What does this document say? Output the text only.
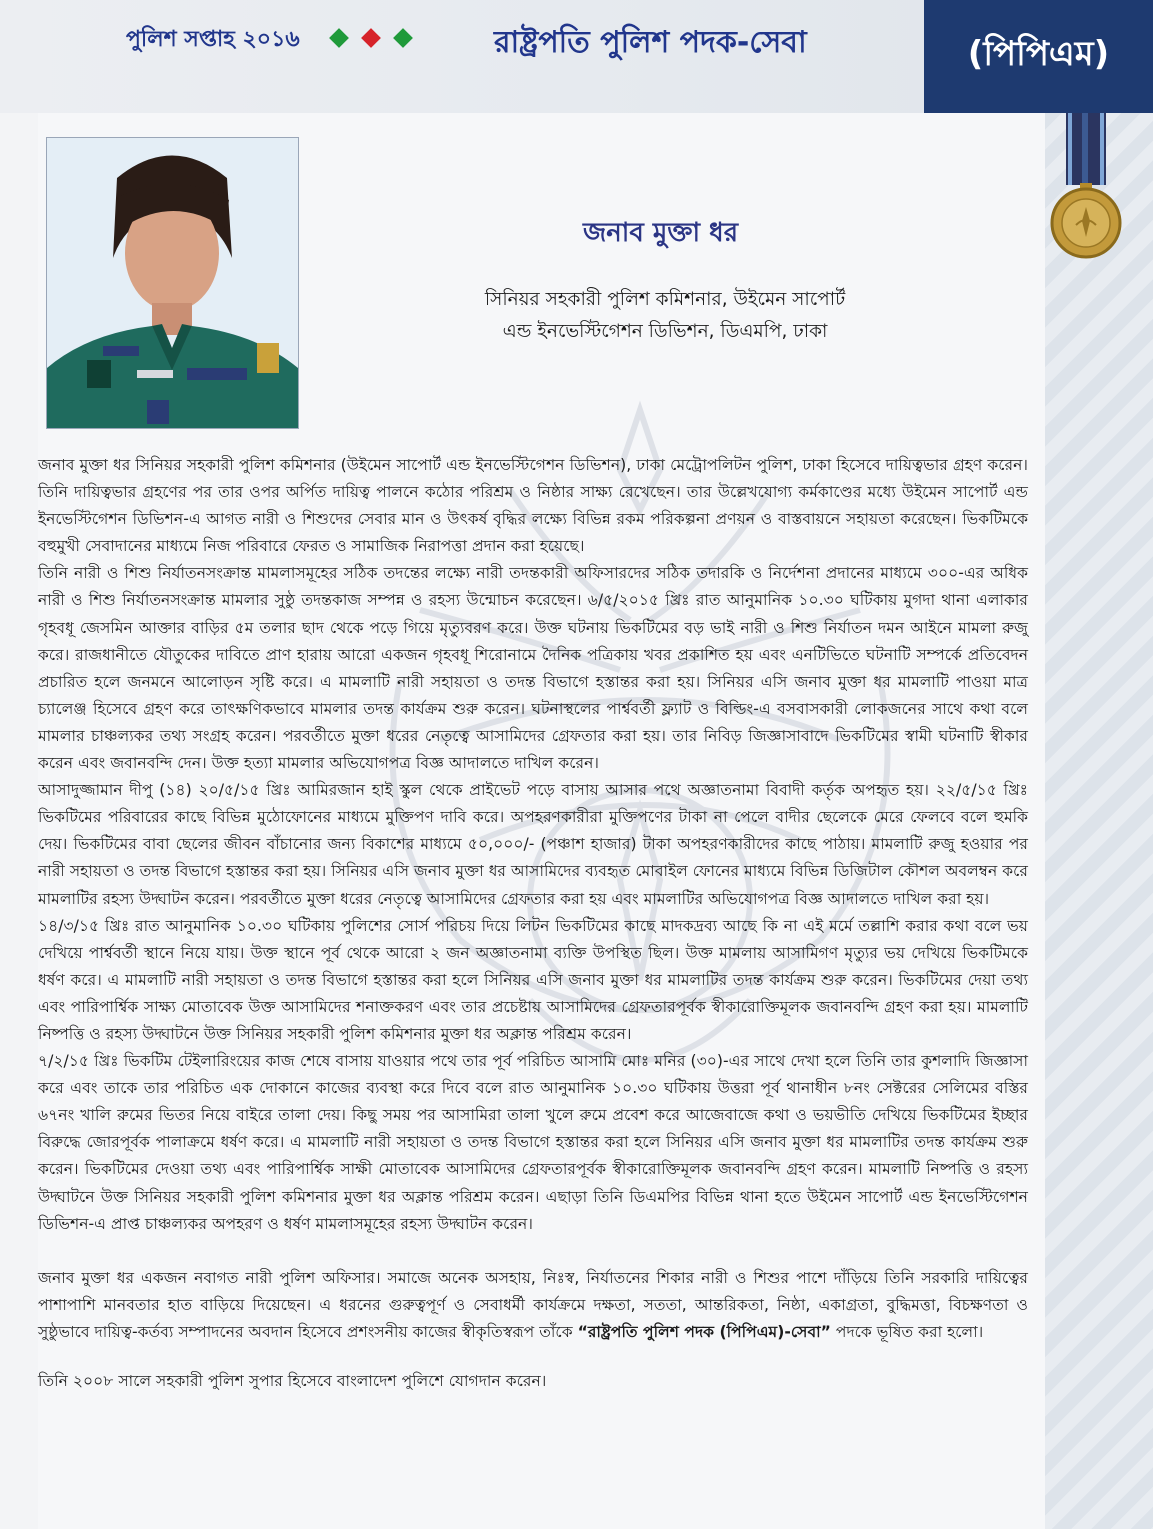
পুলিশ সপ্তাহ ২০১৬	রাষ্ট্রপতি পুলিশ পদক-সেবা	(পিপিএম)
জনাব মুক্তা ধর
সিনিয়র সহকারী পুলিশ কমিশনার, উইমেন সাপোর্ট
এন্ড ইনভেস্টিগেশন ডিভিশন, ডিএমপি, ঢাকা

জনাব মুক্তা ধর সিনিয়র সহকারী পুলিশ কমিশনার (উইমেন সাপোর্ট এন্ড ইনভেস্টিগেশন ডিভিশন), ঢাকা মেট্রোপলিটন পুলিশ, ঢাকা হিসেবে দায়িত্বভার গ্রহণ করেন। তিনি দায়িত্বভার গ্রহণের পর তার ওপর অর্পিত দায়িত্ব পালনে কঠোর পরিশ্রম ও নিষ্ঠার সাক্ষ্য রেখেছেন। তার উল্লেখযোগ্য কর্মকাণ্ডের মধ্যে উইমেন সাপোর্ট এন্ড ইনভেস্টিগেশন ডিভিশন-এ আগত নারী ও শিশুদের সেবার মান ও উৎকর্ষ বৃদ্ধির লক্ষ্যে বিভিন্ন রকম পরিকল্পনা প্রণয়ন ও বাস্তবায়নে সহায়তা করেছেন। ভিকটিমকে বহুমুখী সেবাদানের মাধ্যমে নিজ পরিবারে ফেরত ও সামাজিক নিরাপত্তা প্রদান করা হয়েছে।

তিনি নারী ও শিশু নির্যাতনসংক্রান্ত মামলাসমূহের সঠিক তদন্তের লক্ষ্যে নারী তদন্তকারী অফিসারদের সঠিক তদারকি ও নির্দেশনা প্রদানের মাধ্যমে ৩০০-এর অধিক নারী ও শিশু নির্যাতনসংক্রান্ত মামলার সুষ্ঠু তদন্তকাজ সম্পন্ন ও রহস্য উন্মোচন করেছেন। ৬/৫/২০১৫ খ্রিঃ রাত আনুমানিক ১০.৩০ ঘটিকায় মুগদা থানা এলাকার গৃহবধূ জেসমিন আক্তার বাড়ির ৫ম তলার ছাদ থেকে পড়ে গিয়ে মৃত্যুবরণ করে। উক্ত ঘটনায় ভিকটিমের বড় ভাই নারী ও শিশু নির্যাতন দমন আইনে মামলা রুজু করে। রাজধানীতে যৌতুকের দাবিতে প্রাণ হারায় আরো একজন গৃহবধূ শিরোনামে দৈনিক পত্রিকায় খবর প্রকাশিত হয় এবং এনটিভিতে ঘটনাটি সম্পর্কে প্রতিবেদন প্রচারিত হলে জনমনে আলোড়ন সৃষ্টি করে। এ মামলাটি নারী সহায়তা ও তদন্ত বিভাগে হস্তান্তর করা হয়। সিনিয়র এসি জনাব মুক্তা ধর মামলাটি পাওয়া মাত্র চ্যালেঞ্জ হিসেবে গ্রহণ করে তাৎক্ষণিকভাবে মামলার তদন্ত কার্যক্রম শুরু করেন। ঘটনাস্থলের পার্শ্ববর্তী ফ্ল্যাট ও বিল্ডিং-এ বসবাসকারী লোকজনের সাথে কথা বলে মামলার চাঞ্চল্যকর তথ্য সংগ্রহ করেন। পরবর্তীতে মুক্তা ধরের নেতৃত্বে আসামিদের গ্রেফতার করা হয়। তার নিবিড় জিজ্ঞাসাবাদে ভিকটিমের স্বামী ঘটনাটি স্বীকার করেন এবং জবানবন্দি দেন। উক্ত হত্যা মামলার অভিযোগপত্র বিজ্ঞ আদালতে দাখিল করেন।

আসাদুজ্জামান দীপু (১৪) ২০/৫/১৫ খ্রিঃ আমিরজান হাই স্কুল থেকে প্রাইভেট পড়ে বাসায় আসার পথে অজ্ঞাতনামা বিবাদী কর্তৃক অপহৃত হয়। ২২/৫/১৫ খ্রিঃ ভিকটিমের পরিবারের কাছে বিভিন্ন মুঠোফোনের মাধ্যমে মুক্তিপণ দাবি করে। অপহরণকারীরা মুক্তিপণের টাকা না পেলে বাদীর ছেলেকে মেরে ফেলবে বলে হুমকি দেয়। ভিকটিমের বাবা ছেলের জীবন বাঁচানোর জন্য বিকাশের মাধ্যমে ৫০,০০০/- (পঞ্চাশ হাজার) টাকা অপহরণকারীদের কাছে পাঠায়। মামলাটি রুজু হওয়ার পর নারী সহায়তা ও তদন্ত বিভাগে হস্তান্তর করা হয়। সিনিয়র এসি জনাব মুক্তা ধর আসামিদের ব্যবহৃত মোবাইল ফোনের মাধ্যমে বিভিন্ন ডিজিটাল কৌশল অবলম্বন করে মামলাটির রহস্য উদ্ঘাটন করেন। পরবর্তীতে মুক্তা ধরের নেতৃত্বে আসামিদের গ্রেফতার করা হয় এবং মামলাটির অভিযোগপত্র বিজ্ঞ আদালতে দাখিল করা হয়।

১৪/৩/১৫ খ্রিঃ রাত আনুমানিক ১০.৩০ ঘটিকায় পুলিশের সোর্স পরিচয় দিয়ে লিটন ভিকটিমের কাছে মাদকদ্রব্য আছে কি না এই মর্মে তল্লাশি করার কথা বলে ভয় দেখিয়ে পার্শ্ববর্তী স্থানে নিয়ে যায়। উক্ত স্থানে পূর্ব থেকে আরো ২ জন অজ্ঞাতনামা ব্যক্তি উপস্থিত ছিল। উক্ত মামলায় আসামিগণ মৃত্যুর ভয় দেখিয়ে ভিকটিমকে ধর্ষণ করে। এ মামলাটি নারী সহায়তা ও তদন্ত বিভাগে হস্তান্তর করা হলে সিনিয়র এসি জনাব মুক্তা ধর মামলাটির তদন্ত কার্যক্রম শুরু করেন। ভিকটিমের দেয়া তথ্য এবং পারিপার্শ্বিক সাক্ষ্য মোতাবেক উক্ত আসামিদের শনাক্তকরণ এবং তার প্রচেষ্টায় আসামিদের গ্রেফতারপূর্বক স্বীকারোক্তিমূলক জবানবন্দি গ্রহণ করা হয়। মামলাটি নিষ্পত্তি ও রহস্য উদ্ঘাটনে উক্ত সিনিয়র সহকারী পুলিশ কমিশনার মুক্তা ধর অক্লান্ত পরিশ্রম করেন।

৭/২/১৫ খ্রিঃ ভিকটিম টেইলারিংয়ের কাজ শেষে বাসায় যাওয়ার পথে তার পূর্ব পরিচিত আসামি মোঃ মনির (৩০)-এর সাথে দেখা হলে তিনি তার কুশলাদি জিজ্ঞাসা করে এবং তাকে তার পরিচিত এক দোকানে কাজের ব্যবস্থা করে দিবে বলে রাত আনুমানিক ১০.৩০ ঘটিকায় উত্তরা পূর্ব থানাধীন ৮নং সেক্টরের সেলিমের বস্তির ৬৭নং খালি রুমের ভিতর নিয়ে বাইরে তালা দেয়। কিছু সময় পর আসামিরা তালা খুলে রুমে প্রবেশ করে আজেবাজে কথা ও ভয়ভীতি দেখিয়ে ভিকটিমের ইচ্ছার বিরুদ্ধে জোরপূর্বক পালাক্রমে ধর্ষণ করে। এ মামলাটি নারী সহায়তা ও তদন্ত বিভাগে হস্তান্তর করা হলে সিনিয়র এসি জনাব মুক্তা ধর মামলাটির তদন্ত কার্যক্রম শুরু করেন। ভিকটিমের দেওয়া তথ্য এবং পারিপার্শ্বিক সাক্ষী মোতাবেক আসামিদের গ্রেফতারপূর্বক স্বীকারোক্তিমূলক জবানবন্দি গ্রহণ করেন। মামলাটি নিষ্পত্তি ও রহস্য উদ্ঘাটনে উক্ত সিনিয়র সহকারী পুলিশ কমিশনার মুক্তা ধর অক্লান্ত পরিশ্রম করেন। এছাড়া তিনি ডিএমপির বিভিন্ন থানা হতে উইমেন সাপোর্ট এন্ড ইনভেস্টিগেশন ডিভিশন-এ প্রাপ্ত চাঞ্চল্যকর অপহরণ ও ধর্ষণ মামলাসমূহের রহস্য উদ্ঘাটন করেন।

জনাব মুক্তা ধর একজন নবাগত নারী পুলিশ অফিসার। সমাজে অনেক অসহায়, নিঃস্ব, নির্যাতনের শিকার নারী ও শিশুর পাশে দাঁড়িয়ে তিনি সরকারি দায়িত্বের পাশাপাশি মানবতার হাত বাড়িয়ে দিয়েছেন। এ ধরনের গুরুত্বপূর্ণ ও সেবাধর্মী কার্যক্রমে দক্ষতা, সততা, আন্তরিকতা, নিষ্ঠা, একাগ্রতা, বুদ্ধিমত্তা, বিচক্ষণতা ও সুষ্ঠুভাবে দায়িত্ব-কর্তব্য সম্পাদনের অবদান হিসেবে প্রশংসনীয় কাজের স্বীকৃতিস্বরূপ তাঁকে “রাষ্ট্রপতি পুলিশ পদক (পিপিএম)-সেবা” পদকে ভূষিত করা হলো।

তিনি ২০০৮ সালে সহকারী পুলিশ সুপার হিসেবে বাংলাদেশ পুলিশে যোগদান করেন।
